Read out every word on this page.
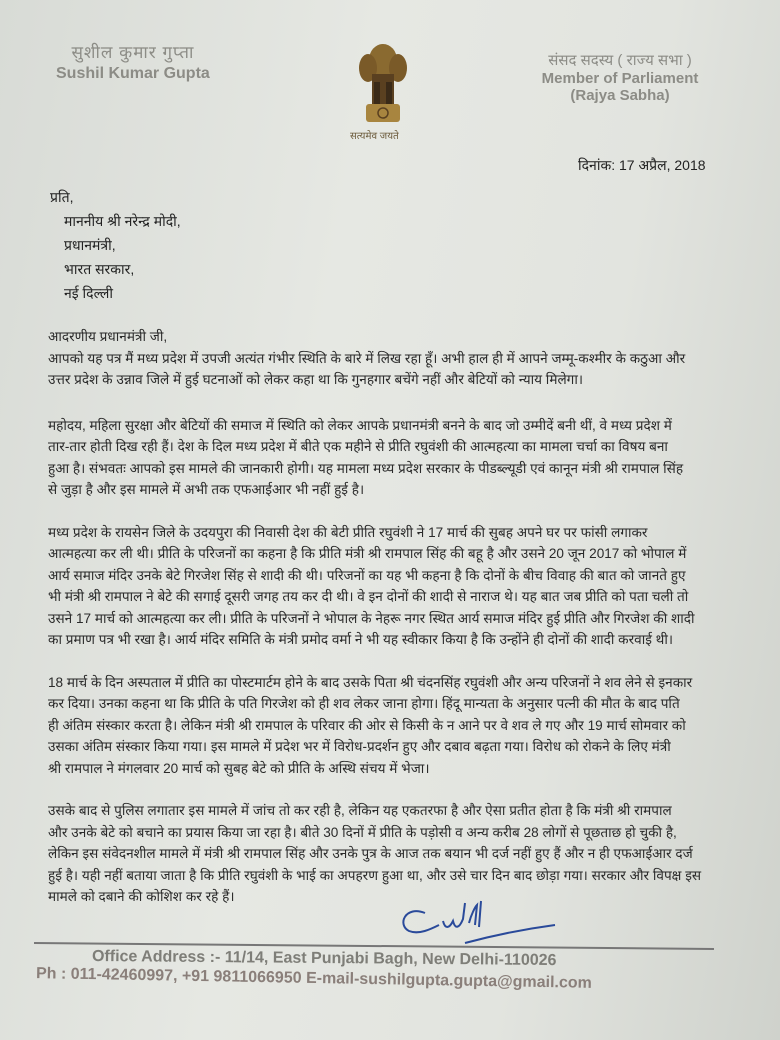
सुशील कुमार गुप्ता
Sushil Kumar Gupta
सत्यमेव जयते
संसद सदस्य ( राज्य सभा )
Member of Parliament
(Rajya Sabha)
दिनांक: 17 अप्रैल, 2018
प्रति,
माननीय श्री नरेन्द्र मोदी,
प्रधानमंत्री,
भारत सरकार,
नई दिल्ली
आदरणीय प्रधानमंत्री जी,
आपको यह पत्र मैं मध्य प्रदेश में उपजी अत्यंत गंभीर स्थिति के बारे में लिख रहा हूँ। अभी हाल ही में आपने जम्मू-कश्मीर के कठुआ और
उत्तर प्रदेश के उन्नाव जिले में हुई घटनाओं को लेकर कहा था कि गुनहगार बचेंगे नहीं और बेटियों को न्याय मिलेगा।
महोदय, महिला सुरक्षा और बेटियों की समाज में स्थिति को लेकर आपके प्रधानमंत्री बनने के बाद जो उम्मीदें बनी थीं, वे मध्य प्रदेश में
तार-तार होती दिख रही हैं। देश के दिल मध्य प्रदेश में बीते एक महीने से प्रीति रघुवंशी की आत्महत्या का मामला चर्चा का विषय बना
हुआ है। संभवतः आपको इस मामले की जानकारी होगी। यह मामला मध्य प्रदेश सरकार के पीडब्ल्यूडी एवं कानून मंत्री श्री रामपाल सिंह
से जुड़ा है और इस मामले में अभी तक एफआईआर भी नहीं हुई है।
मध्य प्रदेश के रायसेन जिले के उदयपुरा की निवासी देश की बेटी प्रीति रघुवंशी ने 17 मार्च की सुबह अपने घर पर फांसी लगाकर
आत्महत्या कर ली थी। प्रीति के परिजनों का कहना है कि प्रीति मंत्री श्री रामपाल सिंह की बहू है और उसने 20 जून 2017 को भोपाल में
आर्य समाज मंदिर उनके बेटे गिरजेश सिंह से शादी की थी। परिजनों का यह भी कहना है कि दोनों के बीच विवाह की बात को जानते हुए
भी मंत्री श्री रामपाल ने बेटे की सगाई दूसरी जगह तय कर दी थी। वे इन दोनों की शादी से नाराज थे। यह बात जब प्रीति को पता चली तो
उसने 17 मार्च को आत्महत्या कर ली। प्रीति के परिजनों ने भोपाल के नेहरू नगर स्थित आर्य समाज मंदिर हुई प्रीति और गिरजेश की शादी
का प्रमाण पत्र भी रखा है। आर्य मंदिर समिति के मंत्री प्रमोद वर्मा ने भी यह स्वीकार किया है कि उन्होंने ही दोनों की शादी करवाई थी।
18 मार्च के दिन अस्पताल में प्रीति का पोस्टमार्टम होने के बाद उसके पिता श्री चंदनसिंह रघुवंशी और अन्य परिजनों ने शव लेने से इनकार
कर दिया। उनका कहना था कि प्रीति के पति गिरजेश को ही शव लेकर जाना होगा। हिंदू मान्यता के अनुसार पत्नी की मौत के बाद पति
ही अंतिम संस्कार करता है। लेकिन मंत्री श्री रामपाल के परिवार की ओर से किसी के न आने पर वे शव ले गए और 19 मार्च सोमवार को
उसका अंतिम संस्कार किया गया। इस मामले में प्रदेश भर में विरोध-प्रदर्शन हुए और दबाव बढ़ता गया। विरोध को रोकने के लिए मंत्री
श्री रामपाल ने मंगलवार 20 मार्च को सुबह बेटे को प्रीति के अस्थि संचय में भेजा।
उसके बाद से पुलिस लगातार इस मामले में जांच तो कर रही है, लेकिन यह एकतरफा है और ऐसा प्रतीत होता है कि मंत्री श्री रामपाल
और उनके बेटे को बचाने का प्रयास किया जा रहा है। बीते 30 दिनों में प्रीति के पड़ोसी व अन्य करीब 28 लोगों से पूछताछ हो चुकी है,
लेकिन इस संवेदनशील मामले में मंत्री श्री रामपाल सिंह और उनके पुत्र के आज तक बयान भी दर्ज नहीं हुए हैं और न ही एफआईआर दर्ज
हुई है। यही नहीं बताया जाता है कि प्रीति रघुवंशी के भाई का अपहरण हुआ था, और उसे चार दिन बाद छोड़ा गया। सरकार और विपक्ष इस
मामले को दबाने की कोशिश कर रहे हैं।
Office Address :- 11/14, East Punjabi Bagh, New Delhi-110026
Ph : 011-42460997, +91 9811066950 E-mail-sushilgupta.gupta@gmail.com
